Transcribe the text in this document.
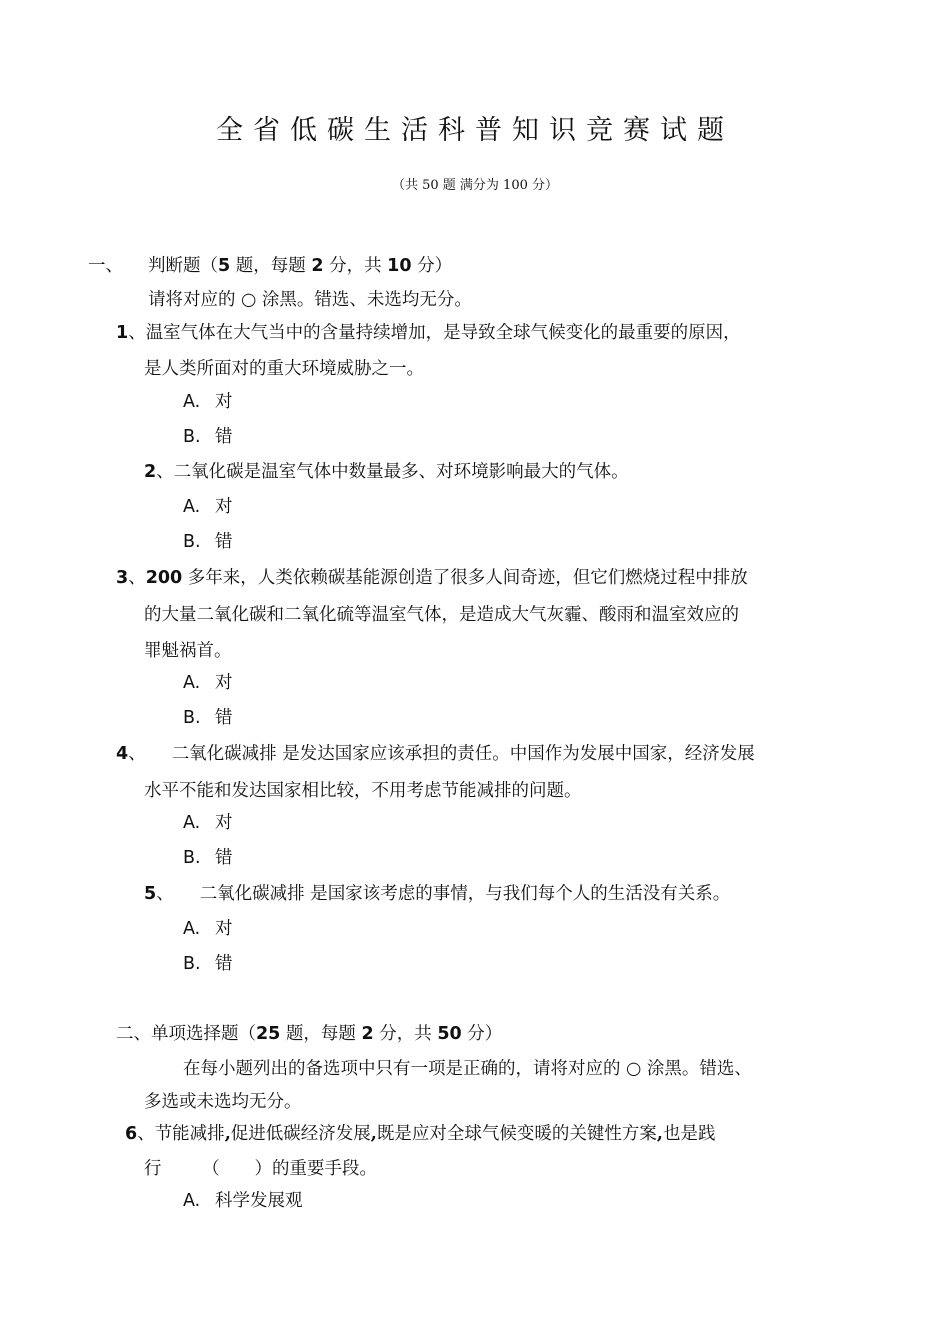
全省低碳生活科普知识竞赛试题
（共 50 题 满分为 100 分）
一、 判断题（5 题，每题 2 分，共 10 分）
请将对应的 ○ 涂黑。错选、未选均无分。
1、温室气体在大气当中的含量持续增加，是导致全球气候变化的最重要的原因，
是人类所面对的重大环境威胁之一。
A. 对
B. 错
2、二氧化碳是温室气体中数量最多、对环境影响最大的气体。
A. 对
B. 错
3、200 多年来，人类依赖碳基能源创造了很多人间奇迹，但它们燃烧过程中排放
的大量二氧化碳和二氧化硫等温室气体，是造成大气灰霾、酸雨和温室效应的
罪魁祸首。
A. 对
B. 错
4、 二氧化碳减排 是发达国家应该承担的责任。中国作为发展中国家，经济发展
水平不能和发达国家相比较，不用考虑节能减排的问题。
A. 对
B. 错
5、 二氧化碳减排 是国家该考虑的事情，与我们每个人的生活没有关系。
A. 对
B. 错
二、单项选择题（25 题，每题 2 分，共 50 分）
在每小题列出的备选项中只有一项是正确的，请将对应的 ○ 涂黑。错选、
多选或未选均无分。
6、节能减排,促进低碳经济发展,既是应对全球气候变暖的关键性方案,也是践
行　　 （　　）的重要手段。
A. 科学发展观
